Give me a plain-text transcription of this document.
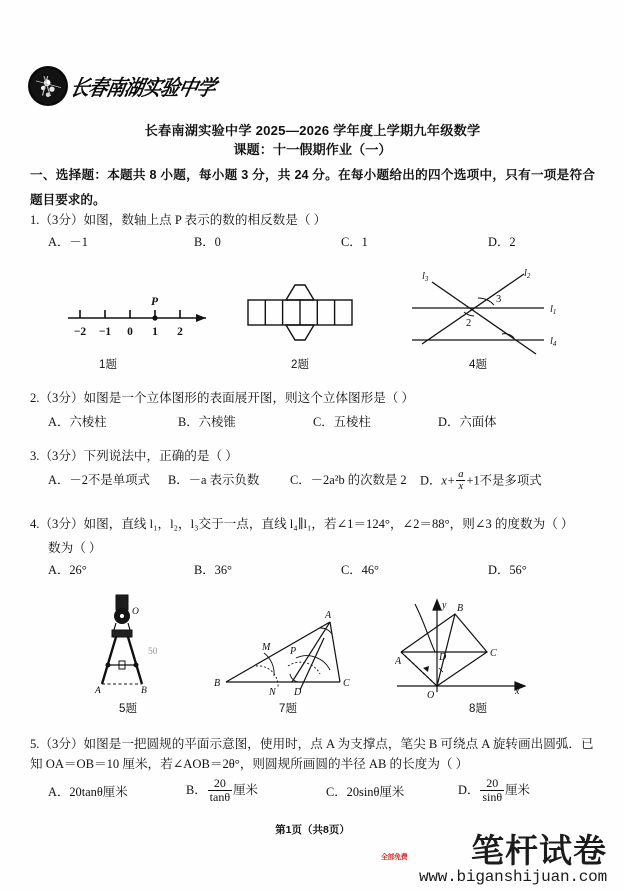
长春南湖实验中学
长春南湖实验中学 2025—2026 学年度上学期九年级数学
课题：十一假期作业（一）
一、选择题：本题共 8 小题，每小题 3 分，共 24 分。在每小题给出的四个选项中，只有一项是符合题目要求的。
1.（3分）如图，数轴上点 P 表示的数的相反数是（ ）
A．－1	B．0	C．1	D．2
P
−2 −1 0 1 2
1题	2题
l3	l2
l1
l4
3
2
4题
2.（3分）如图是一个立体图形的表面展开图，则这个立体图形是（ ）
A．六棱柱	B．六棱锥	C．五棱柱	D．六面体
3.（3分）下列说法中，正确的是（ ）
A．－2不是单项式	B．－a 表示负数	C．－2a²b 的次数是 2	D．$x+ \frac{a}{x} +1$不是多项式
4.（3分）如图，直线 l₁，l₂，l₃交于一点，直线 l₄∥l₁，若∠1＝124°，∠2＝88°，则∠3 的度数为（ ）
数为（ ）
A．26°	B．36°	C．46°	D．56°
O
A	B
50
5题
A
B	C
M
N
P
D
7题
y
x
O
A
B
C
D
8题
5.（3分）如图是一把圆规的平面示意图，使用时，点 A 为支撑点，笔尖 B 可绕点 A 旋转画出圆弧．已
知 OA＝OB＝10 厘米，若∠AOB＝2θ°，则圆规所画圆的半径 AB 的长度为（ ）
A．20tanθ厘米	B． $\frac{20}{\tan\theta}$ 厘米	C．20sinθ厘米	D． $\frac{20}{\sin\theta}$ 厘米
第1页（共8页）
笔杆试卷
www.biganshijuan.com
全部免费
